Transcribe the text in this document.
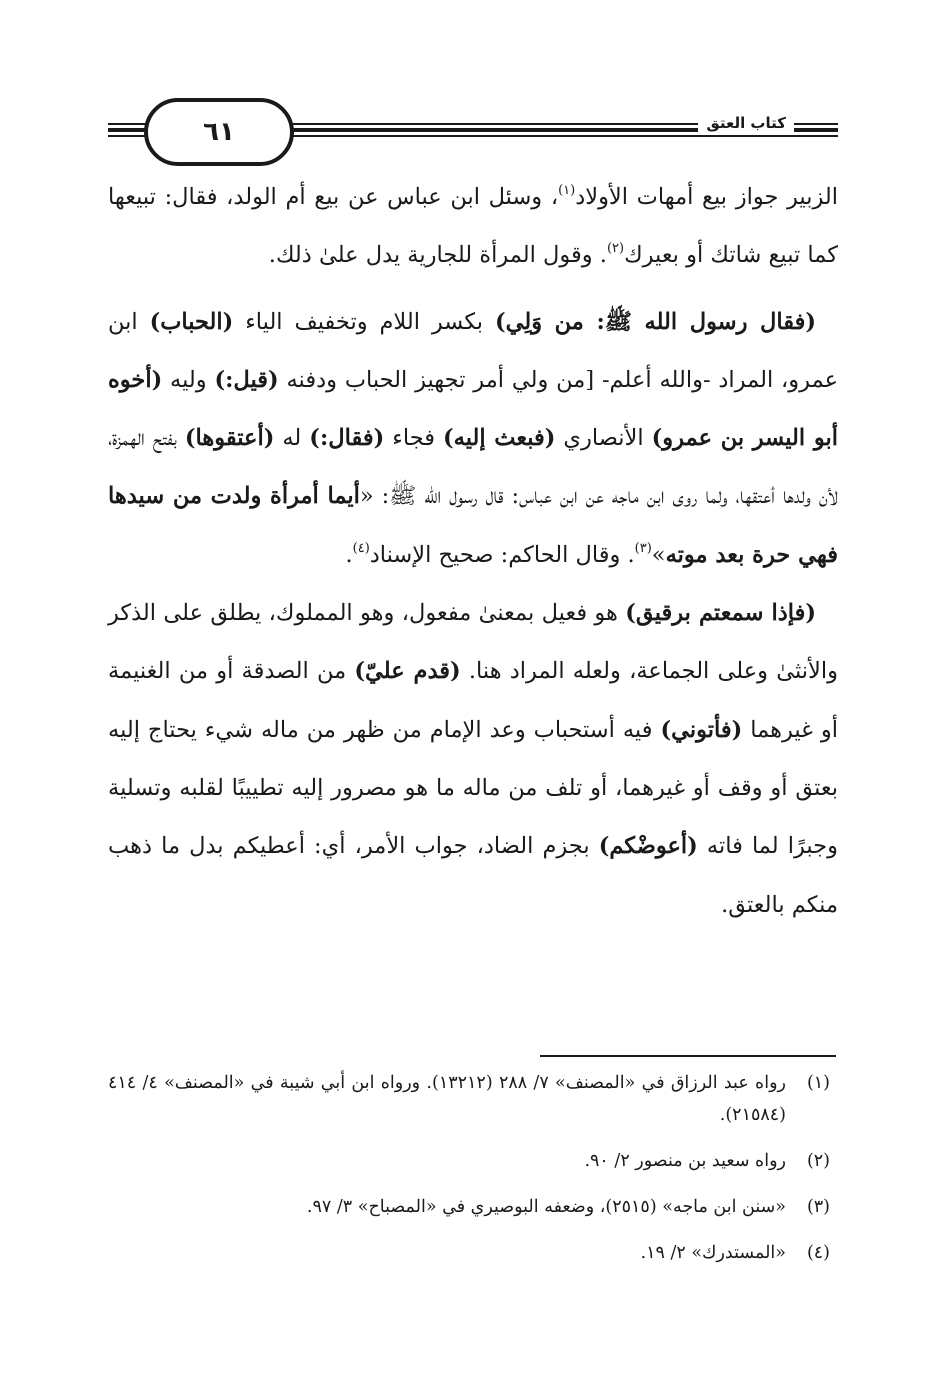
٦١	كتاب العتق

الزبير جواز بيع أمهات الأولاد$^{(١)}$، وسئل ابن عباس عن بيع أم الولد، فقال: تبيعها كما تبيع شاتك أو بعيرك$^{(٢)}$. وقول المرأة للجارية يدل علىٰ ذلك.

(فقال رسول الله ﷺ: من وَلِي) بكسر اللام وتخفيف الياء (الحباب) ابن عمرو، المراد -والله أعلم- [من ولي أمر تجهيز الحباب ودفنه (قيل:) وليه (أخوه أبو اليسر بن عمرو) الأنصاري (فبعث إليه) فجاء (فقال:) له (أعتقوها) بفتح الهمزة، لأن ولدها أعتقها، ولما روى ابن ماجه عن ابن عباس: قال رسول الله ﷺ: «أيما أمرأة ولدت من سيدها فهي حرة بعد موته»$^{(٣)}$. وقال الحاكم: صحيح الإسناد$^{(٤)}$.

(فإذا سمعتم برقيق) هو فعيل بمعنىٰ مفعول، وهو المملوك، يطلق على الذكر والأنثىٰ وعلى الجماعة، ولعله المراد هنا. (قدم عليّ) من الصدقة أو من الغنيمة أو غيرهما (فأتوني) فيه أستحباب وعد الإمام من ظهر من ماله شيء يحتاج إليه بعتق أو وقف أو غيرهما، أو تلف من ماله ما هو مصرور إليه تطييبًا لقلبه وتسلية وجبرًا لما فاته (أعوضْكم) بجزم الضاد، جواب الأمر، أي: أعطيكم بدل ما ذهب منكم بالعتق.

(١)
رواه عبد الرزاق في «المصنف» ٧/ ٢٨٨ (١٣٢١٢). ورواه ابن أبي شيبة في «المصنف» ٤/ ٤١٤ (٢١٥٨٤).
(٢)
رواه سعيد بن منصور ٢/ ٩٠.
(٣)
«سنن ابن ماجه» (٢٥١٥)، وضعفه البوصيري في «المصباح» ٣/ ٩٧.
(٤)
«المستدرك» ٢/ ١٩.
